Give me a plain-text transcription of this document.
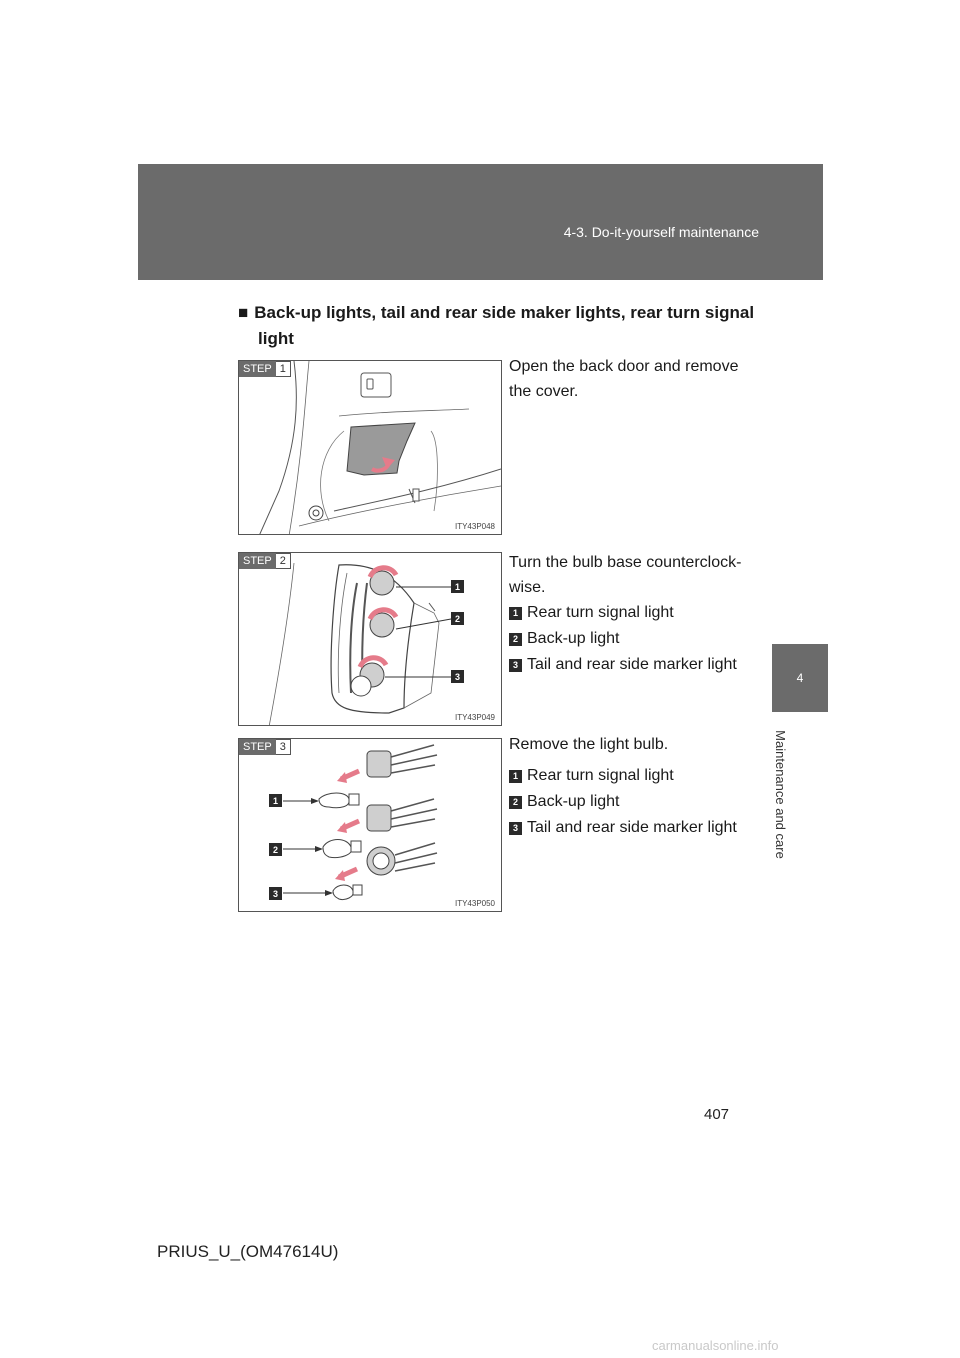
4-3. Do-it-yourself maintenance
4
Maintenance and care
■ Back-up lights, tail and rear side maker lights, rear turn signal
light
STEP 1
ITY43P048
Open the back door and remove
the cover.
1
2
3
STEP 2
ITY43P049
Turn the bulb base counterclock-
wise.
1 Rear turn signal light
2 Back-up light
3 Tail and rear side marker light
1
2
3
STEP 3
ITY43P050
Remove the light bulb.
1 Rear turn signal light
2 Back-up light
3 Tail and rear side marker light
407
PRIUS_U_(OM47614U)
carmanualsonline.info
